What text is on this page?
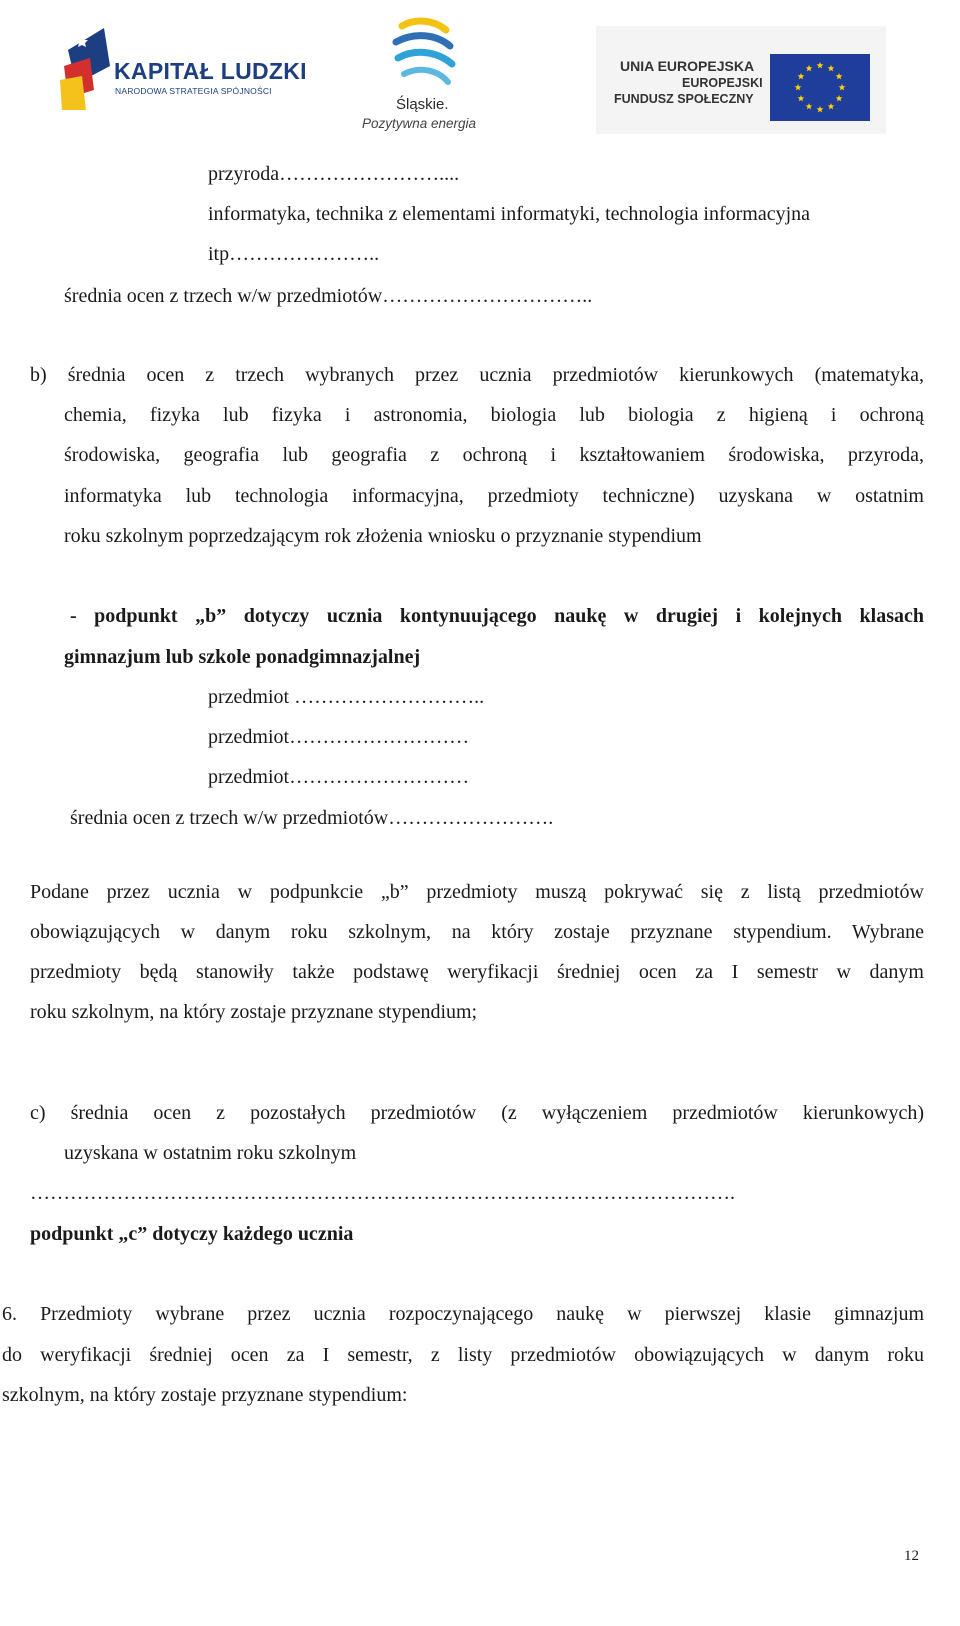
KAPITAŁ LUDZKI
NARODOWA STRATEGIA SPÓJNOŚCI
Śląskie.
Pozytywna energia
UNIA EUROPEJSKA
EUROPEJSKI
FUNDUSZ SPOŁECZNY

przyroda……………………....

informatyka, technika z elementami informatyki, technologia informacyjna

itp…………………..

średnia ocen z trzech w/w przedmiotów…………………………..

b) średnia ocen z trzech wybranych przez ucznia przedmiotów kierunkowych (matematyka,

chemia, fizyka lub fizyka i astronomia, biologia lub biologia z higieną i ochroną

środowiska, geografia lub geografia z ochroną i kształtowaniem środowiska, przyroda,

informatyka lub technologia informacyjna, przedmioty techniczne) uzyskana w ostatnim

roku szkolnym poprzedzającym rok złożenia wniosku o przyznanie stypendium

- podpunkt „b” dotyczy ucznia kontynuującego naukę w drugiej i kolejnych klasach

gimnazjum lub szkole ponadgimnazjalnej

przedmiot ………………………..

przedmiot………………………

przedmiot………………………

średnia ocen z trzech w/w przedmiotów…………………….

Podane przez ucznia w podpunkcie „b” przedmioty muszą pokrywać się z listą przedmiotów

obowiązujących w danym roku szkolnym, na który zostaje przyznane stypendium. Wybrane

przedmioty będą stanowiły także podstawę weryfikacji średniej ocen za I semestr w danym

roku szkolnym, na który zostaje przyznane stypendium;

c) średnia ocen z pozostałych przedmiotów (z wyłączeniem przedmiotów kierunkowych)

uzyskana w ostatnim roku szkolnym

…………………………………………………………………………………………….

podpunkt „c” dotyczy każdego ucznia

6. Przedmioty wybrane przez ucznia rozpoczynającego naukę w pierwszej klasie gimnazjum

do weryfikacji średniej ocen za I semestr, z listy przedmiotów obowiązujących w danym roku

szkolnym, na który zostaje przyznane stypendium:

12
